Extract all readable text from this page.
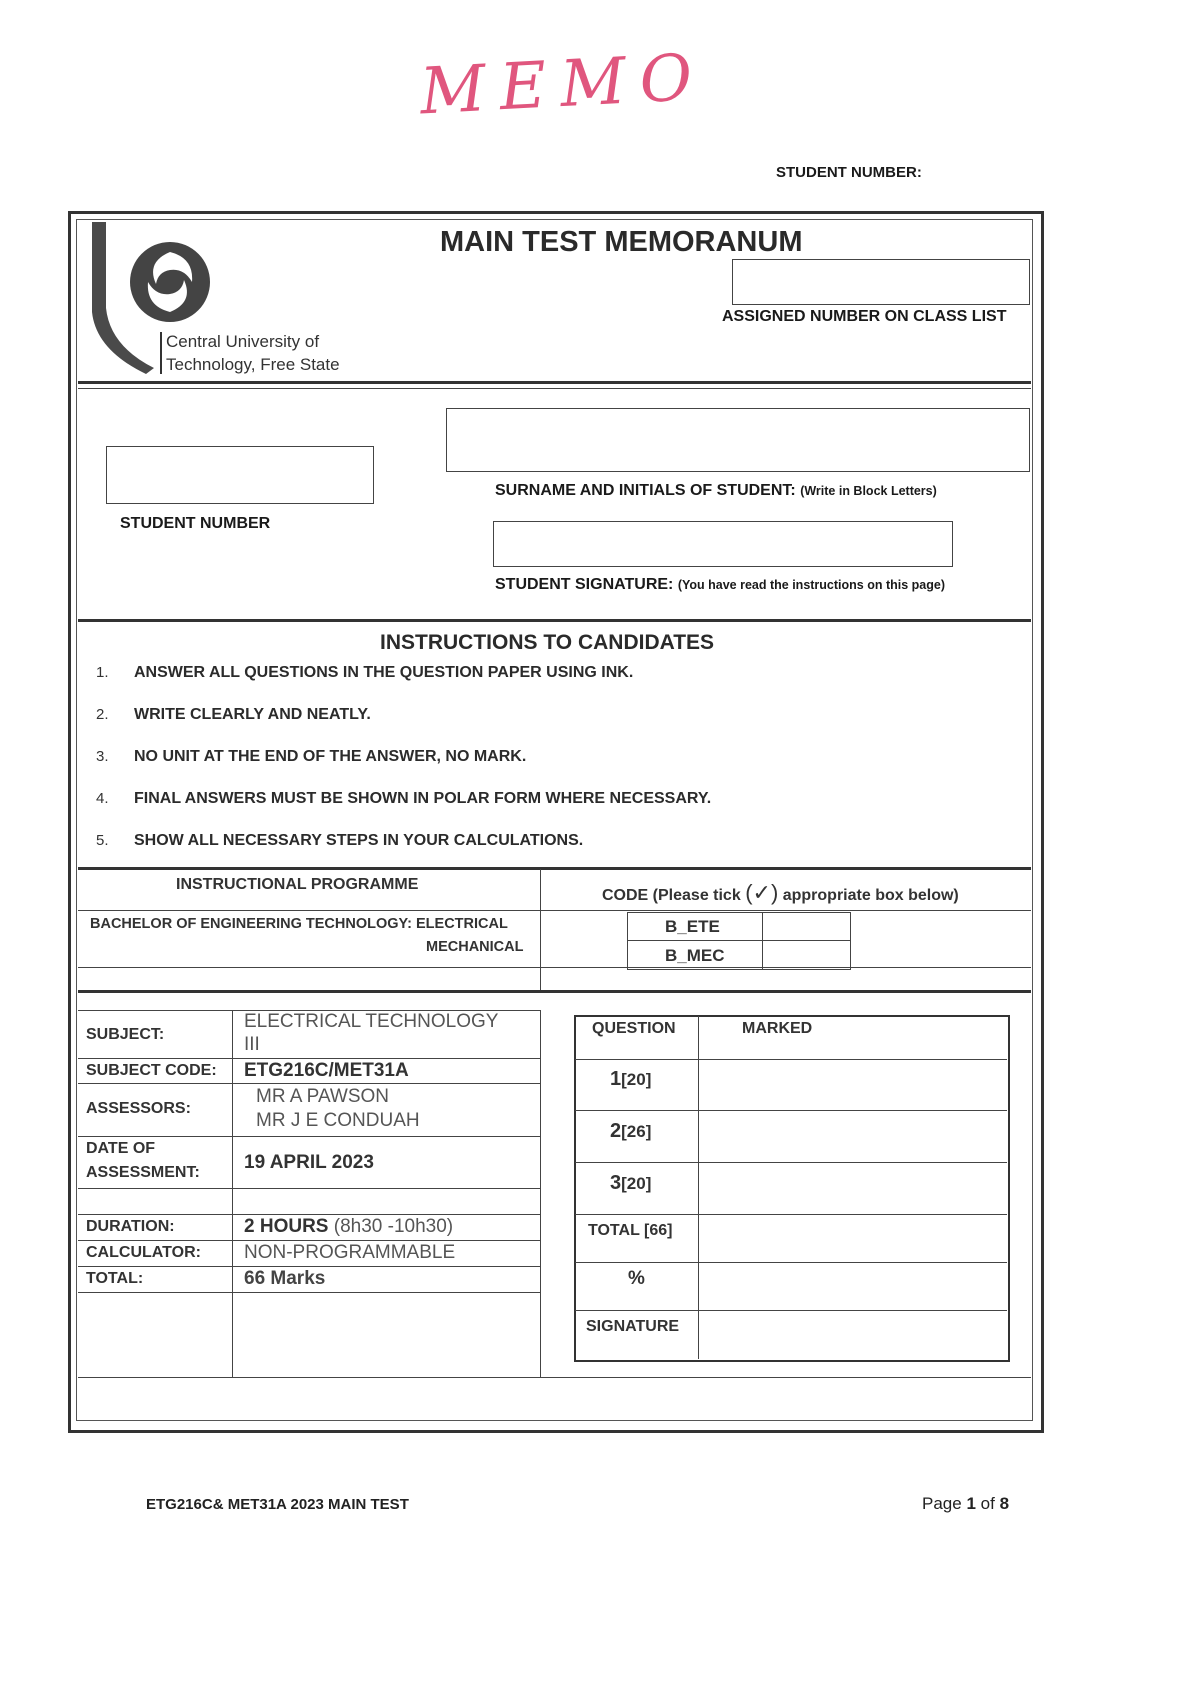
MEMO
STUDENT NUMBER:
Central University of
Technology, Free State
MAIN TEST MEMORANUM
ASSIGNED NUMBER ON CLASS LIST
STUDENT NUMBER
SURNAME AND INITIALS OF STUDENT: (Write in Block Letters)
STUDENT SIGNATURE: (You have read the instructions on this page)
INSTRUCTIONS TO CANDIDATES
1.	ANSWER ALL QUESTIONS IN THE QUESTION PAPER USING INK.
2.	WRITE CLEARLY AND NEATLY.
3.	NO UNIT AT THE END OF THE ANSWER, NO MARK.
4.	FINAL ANSWERS MUST BE SHOWN IN POLAR FORM WHERE NECESSARY.
5.	SHOW ALL NECESSARY STEPS IN YOUR CALCULATIONS.
INSTRUCTIONAL PROGRAMME
CODE (Please tick (✓) appropriate box below)
BACHELOR OF ENGINEERING TECHNOLOGY: ELECTRICAL
MECHANICAL
B_ETE
B_MEC
SUBJECT:
ELECTRICAL TECHNOLOGY
III
SUBJECT CODE: ETG216C/MET31A
ASSESSORS:
MR A PAWSON
MR J E CONDUAH
DATE OF
ASSESSMENT: 19 APRIL 2023
DURATION:	2 HOURS (8h30 -10h30)
CALCULATOR: NON-PROGRAMMABLE
TOTAL:	66 Marks
QUESTION	MARKED
1[20]
2[26]
3[20]
TOTAL [66]
%
SIGNATURE
ETG216C& MET31A 2023 MAIN TEST	Page 1 of 8
